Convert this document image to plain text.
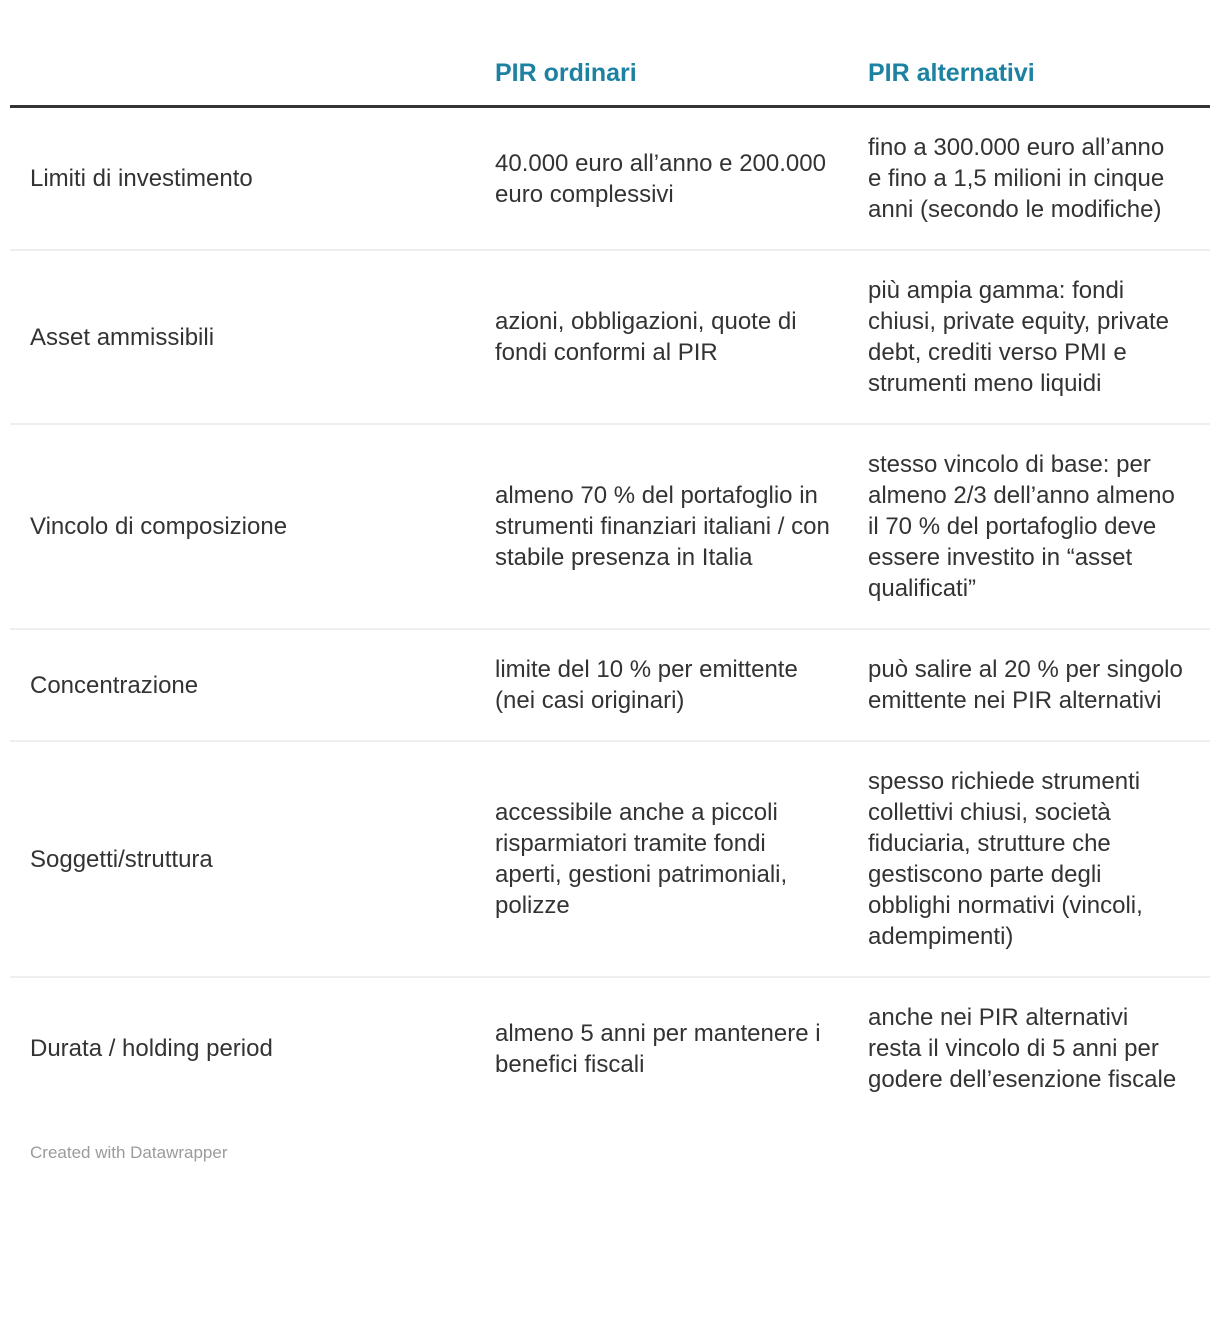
PIR ordinari	PIR alternativi
Limiti di investimento
40.000 euro all’anno e 200.000 euro complessivi
fino a 300.000 euro all’anno e fino a 1,5 milioni in cinque anni (secondo le modifiche)
Asset ammissibili
azioni, obbligazioni, quote di fondi conformi al PIR
più ampia gamma: fondi chiusi, private equity, private debt, crediti verso PMI e strumenti meno liquidi
Vincolo di composizione
almeno 70 % del portafoglio in strumenti finanziari italiani / con stabile presenza in Italia
stesso vincolo di base: per almeno 2/3 dell’anno almeno il 70 % del portafoglio deve essere investito in “asset qualificati”
Concentrazione
limite del 10 % per emittente (nei casi originari)
può salire al 20 % per singolo emittente nei PIR alternativi
Soggetti/struttura
accessibile anche a piccoli risparmiatori tramite fondi aperti, gestioni patrimoniali, polizze
spesso richiede strumenti collettivi chiusi, società fiduciaria, strutture che gestiscono parte degli obblighi normativi (vincoli, adempimenti)
Durata / holding period
almeno 5 anni per mantenere i benefici fiscali
anche nei PIR alternativi resta il vincolo di 5 anni per godere dell’esenzione fiscale
Created with Datawrapper
